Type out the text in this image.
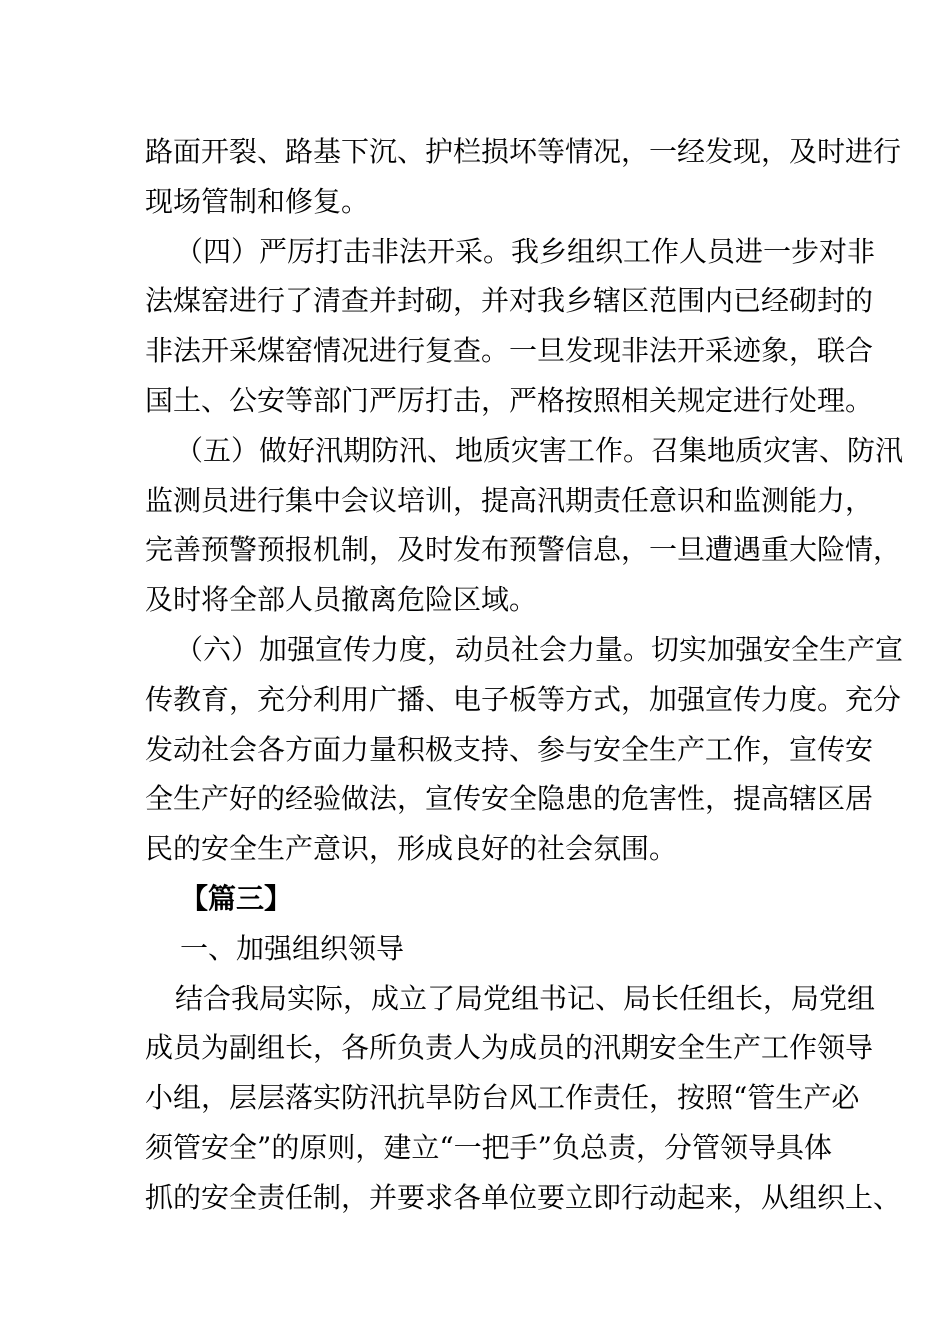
路面开裂、路基下沉、护栏损坏等情况，一经发现，及时进行
现场管制和修复。
（四）严厉打击非法开采。我乡组织工作人员进一步对非
法煤窑进行了清查并封砌，并对我乡辖区范围内已经砌封的
非法开采煤窑情况进行复查。一旦发现非法开采迹象，联合
国土、公安等部门严厉打击，严格按照相关规定进行处理。
（五）做好汛期防汛、地质灾害工作。召集地质灾害、防汛
监测员进行集中会议培训，提高汛期责任意识和监测能力，
完善预警预报机制，及时发布预警信息，一旦遭遇重大险情，
及时将全部人员撤离危险区域。
（六）加强宣传力度，动员社会力量。切实加强安全生产宣
传教育，充分利用广播、电子板等方式，加强宣传力度。充分
发动社会各方面力量积极支持、参与安全生产工作，宣传安
全生产好的经验做法，宣传安全隐患的危害性，提高辖区居
民的安全生产意识，形成良好的社会氛围。
【篇三】
一、加强组织领导
结合我局实际，成立了局党组书记、局长任组长，局党组
成员为副组长，各所负责人为成员的汛期安全生产工作领导
小组，层层落实防汛抗旱防台风工作责任，按照“管生产必
须管安全”的原则，建立“一把手”负总责，分管领导具体
抓的安全责任制，并要求各单位要立即行动起来，从组织上、
